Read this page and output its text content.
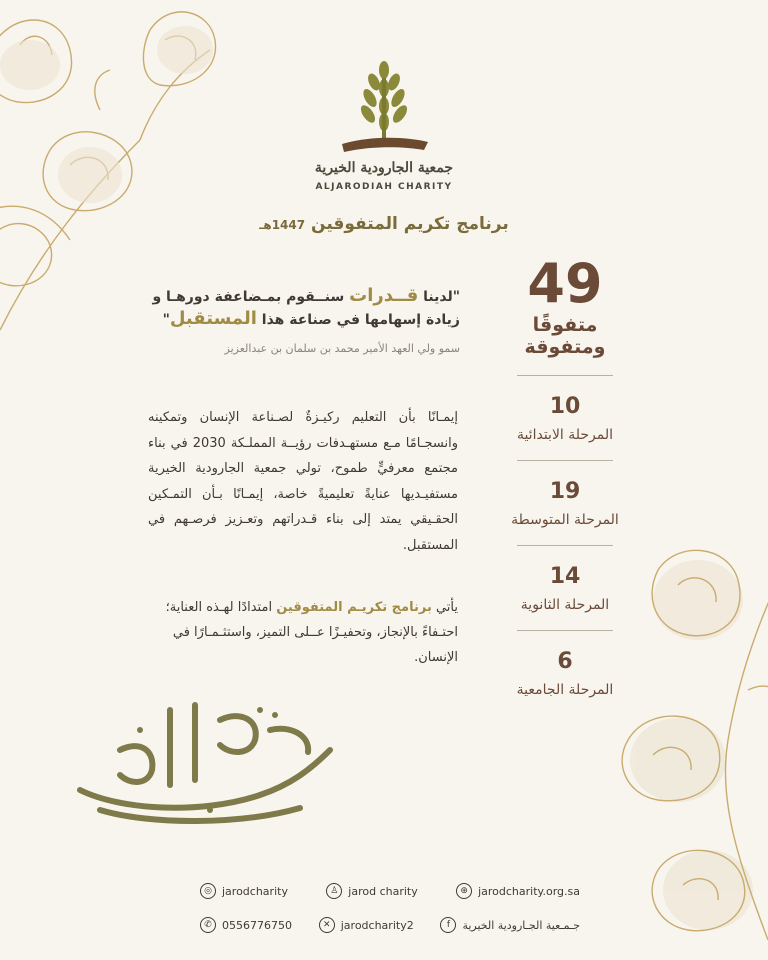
جمعية الجارودية الخيرية
ALJARODIAH CHARITY
برنامج تكريم المتفوقين 1447هـ
49
متفوقًا ومتفوقة
10
المرحلة الابتدائية
19
المرحلة المتوسطة
14
المرحلة الثانوية
6
المرحلة الجامعية
"لدينا قــدرات سنــقوم بمـضاعفة دورهـا و زيادة إسهامها في صناعة هذا المستقبل"
سمو ولي العهد الأمير محمد بن سلمان بن عبدالعزيز
إيمـانًا بأن التعليم ركيـزةٌ لصـناعة الإنسان وتمكينه وانسجـامًا مـع مستهـدفات رؤيــة المملـكة 2030 في بناء مجتمع معرفيٍّ طموح، تولي جمعية الجارودية الخيرية مستفيـديها عنايةً تعليميةً خاصة، إيمـانًا بـأن التمـكين الحقـيقي يمتد إلى بناء قـدراتهم وتعـزيز فرصـهم في المستقبل.
يأتي برنامج تكريـم المتفوقين امتدادًا لهـذه العناية؛ احتـفاءً بالإنجاز، وتحفيـزًا عــلى التميز، واستثـمـارًا في الإنسان.
◎ jarodcharity	♙ jarod charity	⊕ jarodcharity.org.sa
✆ 0556776750	✕ jarodcharity2	f	جـمـعية الجـارودية الخيرية
